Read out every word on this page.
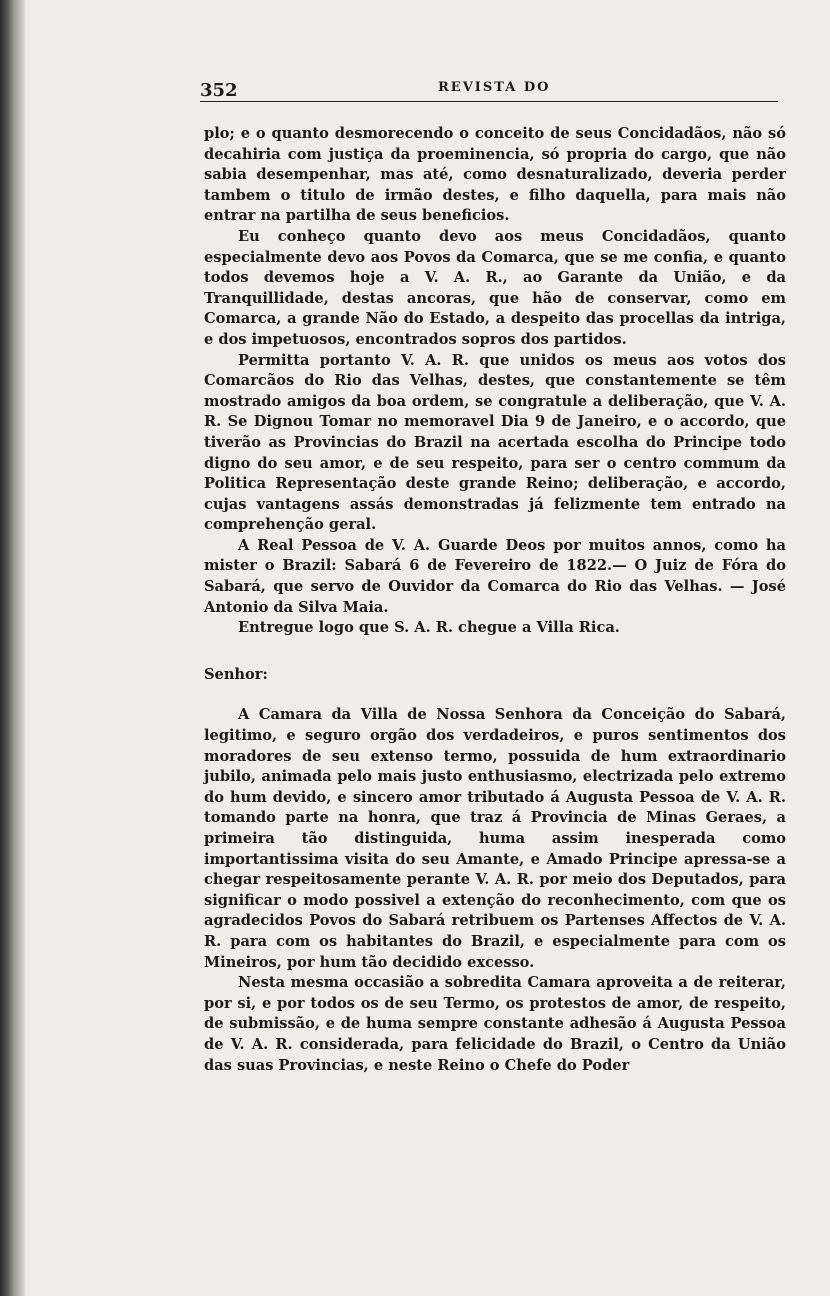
352	REVISTA DO

plo; e o quanto desmorecendo o conceito de seus Concidadãos, não só decahiria com justiça da proeminencia, só propria do cargo, que não sabia desempenhar, mas até, como desnaturalizado, deveria perder tambem o titulo de irmão destes, e filho daquella, para mais não entrar na partilha de seus beneficios.

Eu conheço quanto devo aos meus Concidadãos, quanto especialmente devo aos Povos da Comarca, que se me confia, e quanto todos devemos hoje a V. A. R., ao Garante da União, e da Tranquillidade, destas ancoras, que hão de conservar, como em Comarca, a grande Não do Estado, a despeito das procellas da intriga, e dos impetuosos, encontrados sopros dos partidos.

Permitta portanto V. A. R. que unidos os meus aos votos dos Comarcãos do Rio das Velhas, destes, que constantemente se têm mostrado amigos da boa ordem, se congratule a deliberação, que V. A. R. Se Dignou Tomar no memoravel Dia 9 de Janeiro, e o accordo, que tiverão as Provincias do Brazil na acertada escolha do Principe todo digno do seu amor, e de seu respeito, para ser o centro commum da Politica Representação deste grande Reino; deliberação, e accordo, cujas vantagens assás demonstradas já felizmente tem entrado na comprehenção geral.

A Real Pessoa de V. A. Guarde Deos por muitos annos, como ha mister o Brazil: Sabará 6 de Fevereiro de 1822.— O Juiz de Fóra do Sabará, que servo de Ouvidor da Comarca do Rio das Velhas. — José Antonio da Silva Maia.

Entregue logo que S. A. R. chegue a Villa Rica.

Senhor:

A Camara da Villa de Nossa Senhora da Conceição do Sabará, legitimo, e seguro orgão dos verdadeiros, e puros sentimentos dos moradores de seu extenso termo, possuida de hum extraordinario jubilo, animada pelo mais justo enthusiasmo, electrizada pelo extremo do hum devido, e sincero amor tributado á Augusta Pessoa de V. A. R. tomando parte na honra, que traz á Provincia de Minas Geraes, a primeira tão distinguida, huma assim inesperada como importantissima visita do seu Amante, e Amado Principe apressa-se a chegar respeitosamente perante V. A. R. por meio dos Deputados, para significar o modo possivel a extenção do reconhecimento, com que os agradecidos Povos do Sabará retribuem os Partenses Affectos de V. A. R. para com os habitantes do Brazil, e especialmente para com os Mineiros, por hum tão decidido excesso.

Nesta mesma occasião a sobredita Camara aproveita a de reiterar, por si, e por todos os de seu Termo, os protestos de amor, de respeito, de submissão, e de huma sempre constante adhesão á Augusta Pessoa de V. A. R. considerada, para felicidade do Brazil, o Centro da União das suas Provincias, e neste Reino o Chefe do Poder
